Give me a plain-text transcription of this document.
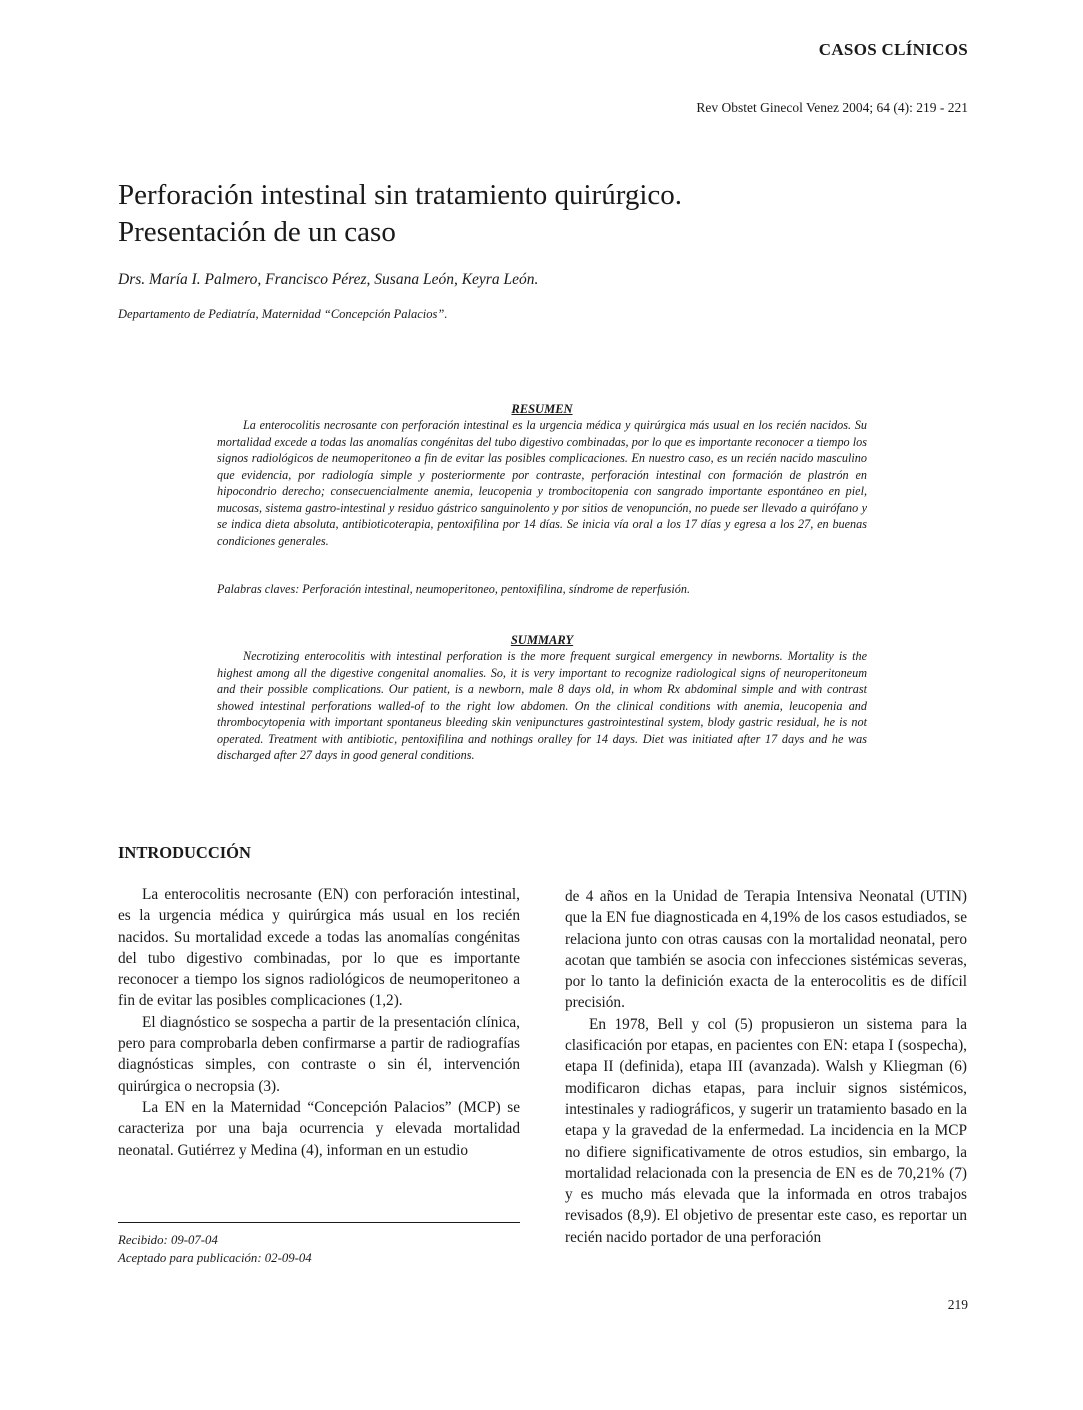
CASOS CLÍNICOS
Rev Obstet Ginecol Venez 2004; 64 (4): 219 - 221
Perforación intestinal sin tratamiento quirúrgico.
Presentación de un caso
Drs. María I. Palmero, Francisco Pérez, Susana León, Keyra León.
Departamento de Pediatría, Maternidad “Concepción Palacios”.
RESUMEN

La enterocolitis necrosante con perforación intestinal es la urgencia médica y quirúrgica más usual en los recién nacidos. Su mortalidad excede a todas las anomalías congénitas del tubo digestivo combinadas, por lo que es importante reconocer a tiempo los signos radiológicos de neumoperitoneo a fin de evitar las posibles complicaciones. En nuestro caso, es un recién nacido masculino que evidencia, por radiología simple y posteriormente por contraste, perforación intestinal con formación de plastrón en hipocondrio derecho; consecuencialmente anemia, leucopenia y trombocitopenia con sangrado importante espontáneo en piel, mucosas, sistema gastro-intestinal y residuo gástrico sanguinolento y por sitios de venopunción, no puede ser llevado a quirófano y se indica dieta absoluta, antibioticoterapia, pentoxifilina por 14 días. Se inicia vía oral a los 17 días y egresa a los 27, en buenas condiciones generales.

Palabras claves: Perforación intestinal, neumoperitoneo, pentoxifilina, síndrome de reperfusión.
SUMMARY

Necrotizing enterocolitis with intestinal perforation is the more frequent surgical emergency in newborns. Mortality is the highest among all the digestive congenital anomalies. So, it is very important to recognize radiological signs of neuroperitoneum and their possible complications. Our patient, is a newborn, male 8 days old, in whom Rx abdominal simple and with contrast showed intestinal perforations walled-of to the right low abdomen. On the clinical conditions with anemia, leucopenia and thrombocytopenia with important spontaneus bleeding skin venipunctures gastrointestinal system, blody gastric residual, he is not operated. Treatment with antibiotic, pentoxifilina and nothings oralley for 14 days. Diet was initiated after 17 days and he was discharged after 27 days in good general conditions.

INTRODUCCIÓN

La enterocolitis necrosante (EN) con perforación intestinal, es la urgencia médica y quirúrgica más usual en los recién nacidos. Su mortalidad excede a todas las anomalías congénitas del tubo digestivo combinadas, por lo que es importante reconocer a tiempo los signos radiológicos de neumoperitoneo a fin de evitar las posibles complicaciones (1,2).

El diagnóstico se sospecha a partir de la presentación clínica, pero para comprobarla deben confirmarse a partir de radiografías diagnósticas simples, con contraste o sin él, intervención quirúrgica o necropsia (3).

La EN en la Maternidad “Concepción Palacios” (MCP) se caracteriza por una baja ocurrencia y elevada mortalidad neonatal. Gutiérrez y Medina (4), informan en un estudio

de 4 años en la Unidad de Terapia Intensiva Neonatal (UTIN) que la EN fue diagnosticada en 4,19% de los casos estudiados, se relaciona junto con otras causas con la mortalidad neonatal, pero acotan que también se asocia con infecciones sistémicas severas, por lo tanto la definición exacta de la enterocolitis es de difícil precisión.

En 1978, Bell y col (5) propusieron un sistema para la clasificación por etapas, en pacientes con EN: etapa I (sospecha), etapa II (definida), etapa III (avanzada). Walsh y Kliegman (6) modificaron dichas etapas, para incluir signos sistémicos, intestinales y radiográficos, y sugerir un tratamiento basado en la etapa y la gravedad de la enfermedad. La incidencia en la MCP no difiere significativamente de otros estudios, sin embargo, la mortalidad relacionada con la presencia de EN es de 70,21% (7) y es mucho más elevada que la informada en otros trabajos revisados (8,9). El objetivo de presentar este caso, es reportar un recién nacido portador de una perforación

Recibido: 09-07-04
Aceptado para publicación: 02-09-04
219
